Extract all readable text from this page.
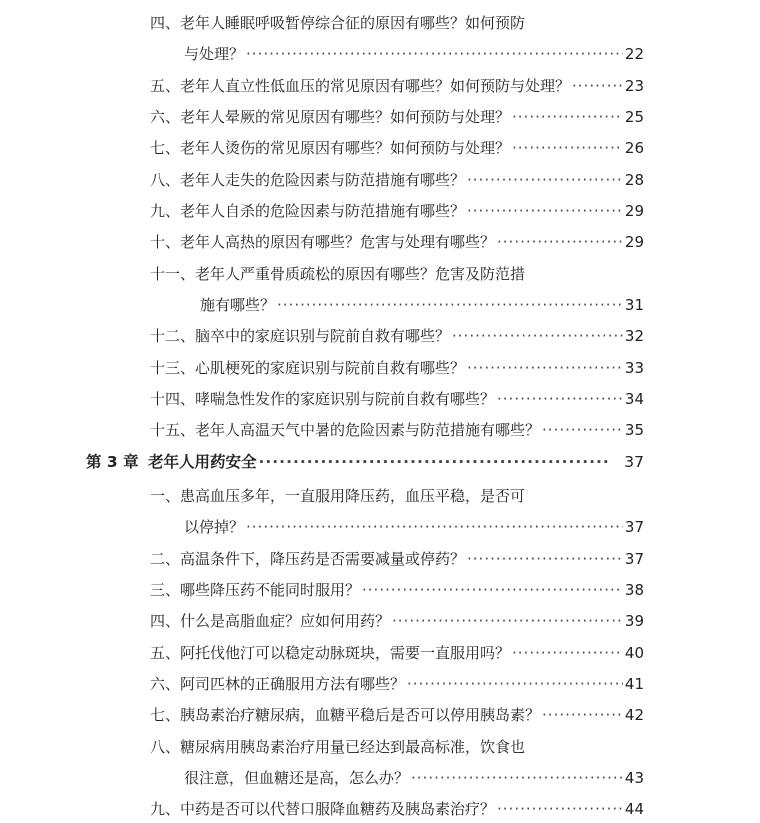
四、老年人睡眠呼吸暂停综合征的原因有哪些？如何预防
与处理？ ·····	22
五、老年人直立性低血压的常见原因有哪些？如何预防与处理？ ·····	23
六、老年人晕厥的常见原因有哪些？如何预防与处理？ ·····	25
七、老年人烫伤的常见原因有哪些？如何预防与处理？ ·····	26
八、老年人走失的危险因素与防范措施有哪些？ ·····	28
九、老年人自杀的危险因素与防范措施有哪些？ ·····	29
十、老年人高热的原因有哪些？危害与处理有哪些？ ·····	29
十一、老年人严重骨质疏松的原因有哪些？危害及防范措
施有哪些？ ·····	31
十二、脑卒中的家庭识别与院前自救有哪些？ ·····	32
十三、心肌梗死的家庭识别与院前自救有哪些？ ·····	33
十四、哮喘急性发作的家庭识别与院前自救有哪些？ ·····	34
十五、老年人高温天气中暑的危险因素与防范措施有哪些？ ·····	35
第 3 章 老年人用药安全 ·····	37
一、患高血压多年，一直服用降压药，血压平稳，是否可
以停掉？ ·····	37
二、高温条件下，降压药是否需要减量或停药？ ·····	37
三、哪些降压药不能同时服用？ ·····	38
四、什么是高脂血症？应如何用药？ ·····	39
五、阿托伐他汀可以稳定动脉斑块，需要一直服用吗？ ·····	40
六、阿司匹林的正确服用方法有哪些？ ·····	41
七、胰岛素治疗糖尿病，血糖平稳后是否可以停用胰岛素？ ·····	42
八、糖尿病用胰岛素治疗用量已经达到最高标准，饮食也
很注意，但血糖还是高，怎么办？ ·····	43
九、中药是否可以代替口服降血糖药及胰岛素治疗？ ·····	44
